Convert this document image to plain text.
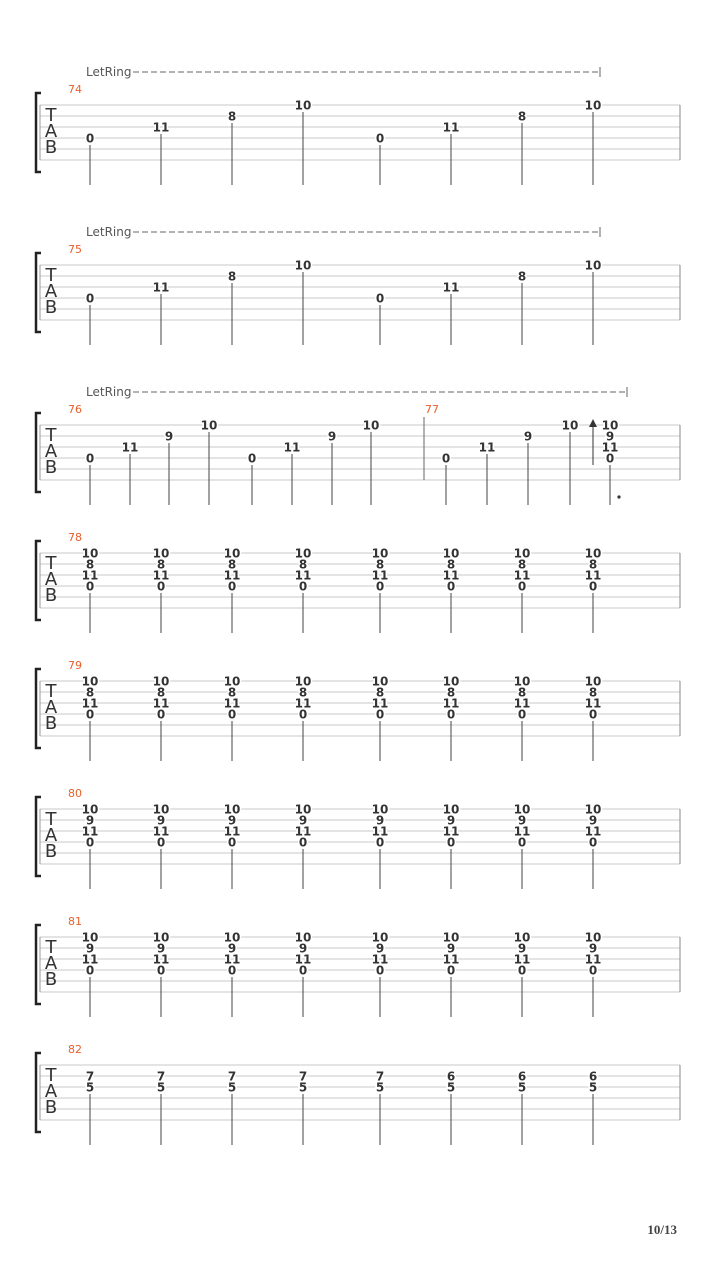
LetRing
T
A
B
74
0
11
8
10
0
11
8
10
LetRing
T
A
B
75
0
11
8
10
0
11
8
10
LetRing
T
A
B
76
0
11
9
10
0
11
9
10
77
0
11
9
10 10
9
11
0
T
A
B
78
10
8
11
0
10
8
11
0
10
8
11
0
10
8
11
0
10
8
11
0
10
8
11
0
10
8
11
0
10
8
11
0
T
A
B
79
10
8
11
0
10
8
11
0
10
8
11
0
10
8
11
0
10
8
11
0
10
8
11
0
10
8
11
0
10
8
11
0
T
A
B
80
10
9
11
0
10
9
11
0
10
9
11
0
10
9
11
0
10
9
11
0
10
9
11
0
10
9
11
0
10
9
11
0
T
A
B
81
10
9
11
0
10
9
11
0
10
9
11
0
10
9
11
0
10
9
11
0
10
9
11
0
10
9
11
0
10
9
11
0
T
A
B
82
7
5
7
5
7
5
7
5
7
5
6
5
6
5
6
5
10/13
